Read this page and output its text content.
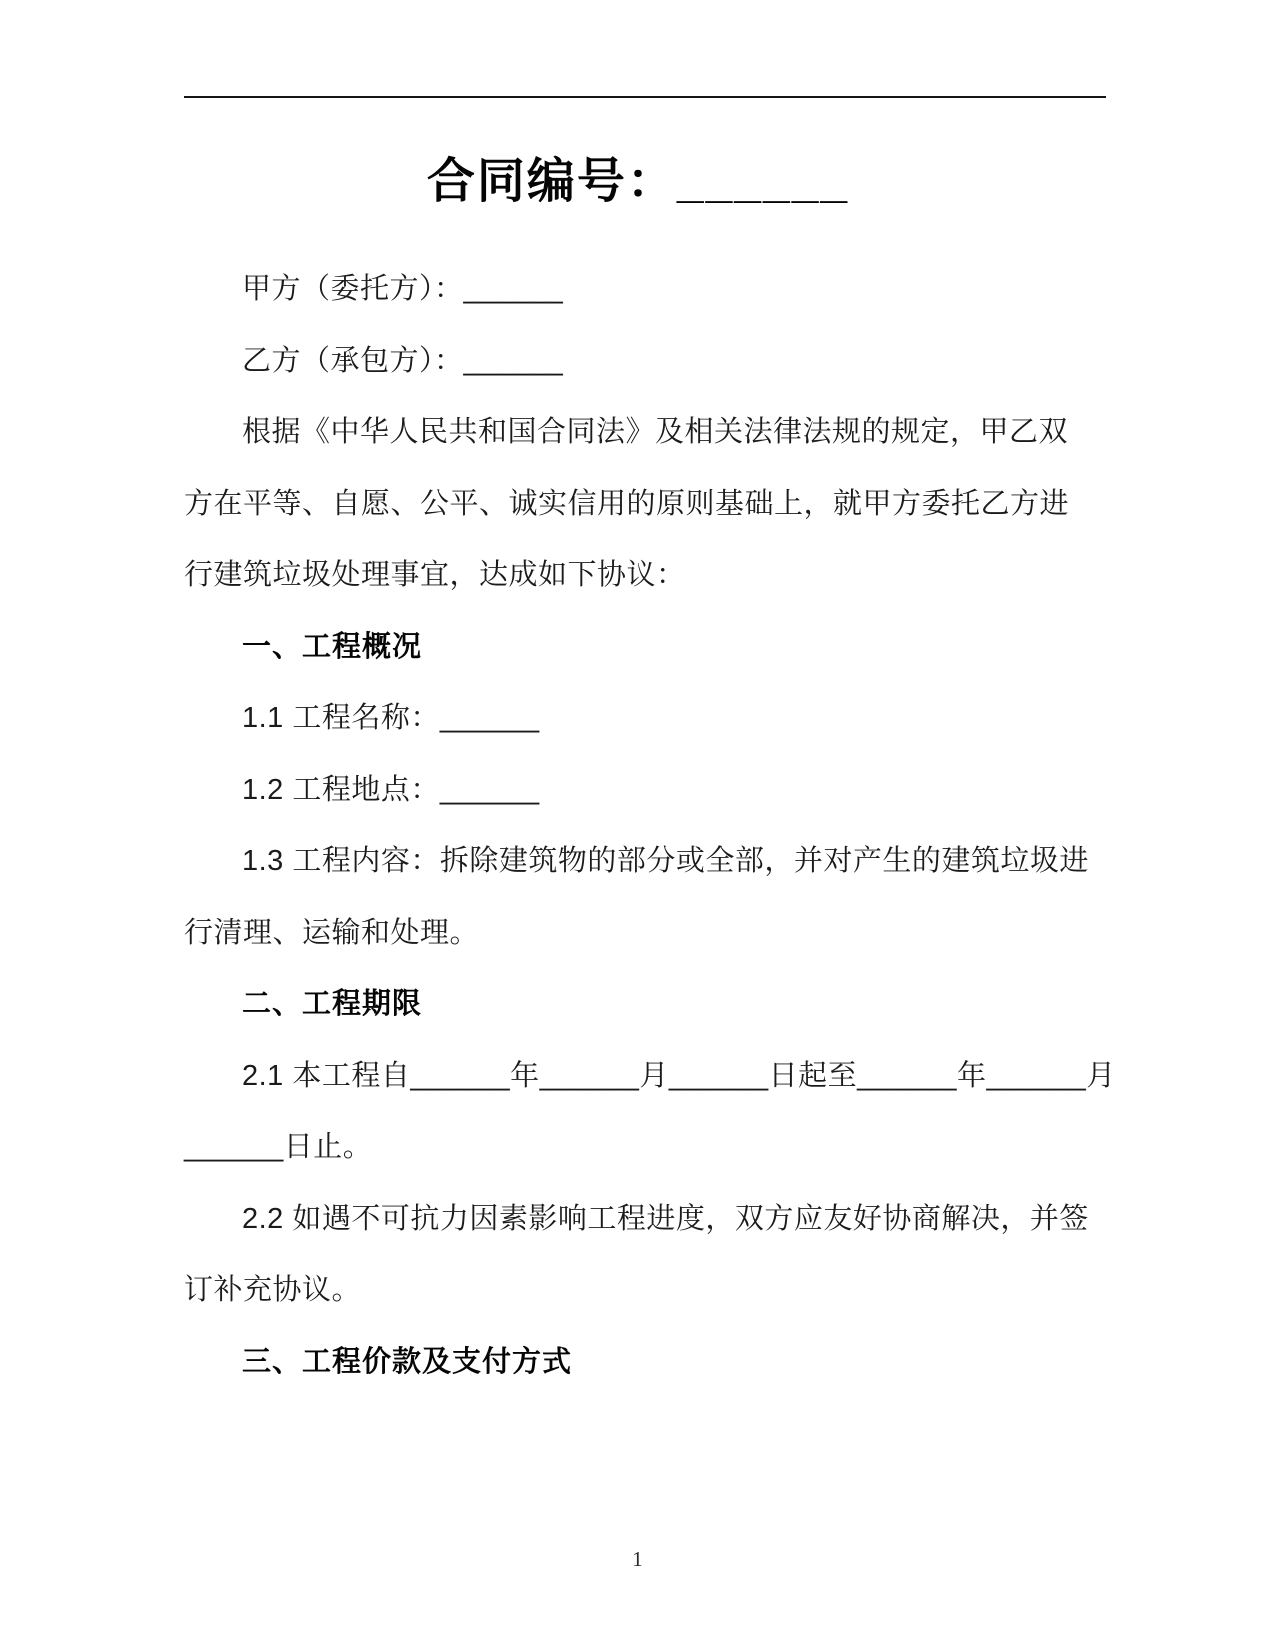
合同编号：______
甲方（委托方）：______
乙方（承包方）：______
根据《中华人民共和国合同法》及相关法律法规的规定，甲乙双
方在平等、自愿、公平、诚实信用的原则基础上，就甲方委托乙方进
行建筑垃圾处理事宜，达成如下协议：
一、工程概况
1.1 工程名称：______
1.2 工程地点：______
1.3 工程内容：拆除建筑物的部分或全部，并对产生的建筑垃圾进
行清理、运输和处理。
二、工程期限
2.1 本工程自______年______月______日起至______年______月
______日止。
2.2 如遇不可抗力因素影响工程进度，双方应友好协商解决，并签
订补充协议。
三、工程价款及支付方式
1
